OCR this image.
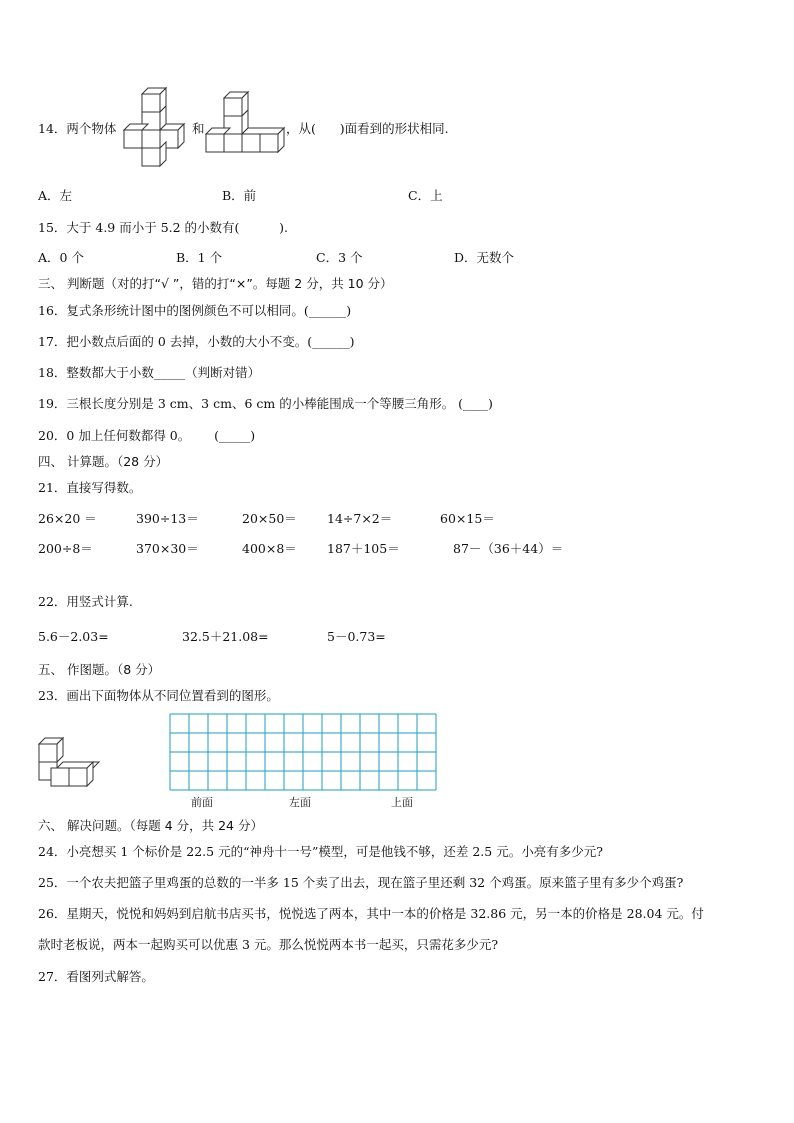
14．两个物体	和	，从(      )面看到的形状相同.
A．左	B．前	C．上
15．大于 4.9 而小于 5.2 的小数有(          ).
A．0 个	B．1 个	C．3 个	D．无数个
三、 判断题（对的打“√ ”，错的打“×”。每题 2 分，共 10 分）
16．复式条形统计图中的图例颜色不可以相同。(______)
17．把小数点后面的 0 去掉，小数的大小不变。(______)
18．整数都大于小数_____（判断对错）
19．三根长度分别是 3 cm、3 cm、6 cm 的小棒能围成一个等腰三角形。 (____)
20．0 加上任何数都得 0。      (_____)
四、 计算题。（28 分）
21．直接写得数。
26×20 ＝	390÷13＝	20×50＝ 14÷7×2＝	60×15＝
200÷8＝	370×30＝	400×8＝ 187＋105＝	87－（36＋44）＝
22．用竖式计算.
5.6－2.03=	32.5＋21.08=	5－0.73=
五、 作图题。（8 分）
23．画出下面物体从不同位置看到的图形。
前面	左面	上面
六、 解决问题。（每题 4 分，共 24 分）
24．小亮想买 1 个标价是 22.5 元的“神舟十一号”模型，可是他钱不够，还差 2.5 元。小亮有多少元?
25．一个农夫把篮子里鸡蛋的总数的一半多 15 个卖了出去，现在篮子里还剩 32 个鸡蛋。原来篮子里有多少个鸡蛋?
26．星期天，悦悦和妈妈到启航书店买书，悦悦选了两本，其中一本的价格是 32.86 元，另一本的价格是 28.04 元。付
款时老板说，两本一起购买可以优惠 3 元。那么悦悦两本书一起买，只需花多少元?
27．看图列式解答。
